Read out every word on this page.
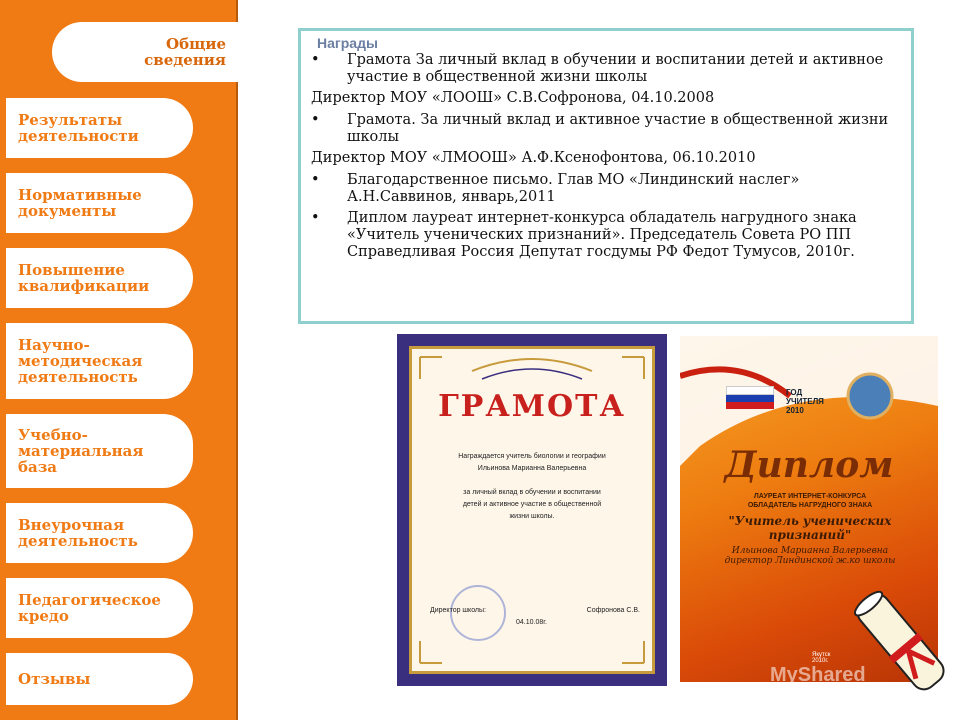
Общие
сведения
Результаты
деятельности
Нормативные
документы
Повышение
квалификации
Научно-
методическая
деятельность
Учебно-
материальная
база
Внеурочная
деятельность
Педагогическое
кредо
Отзывы
Награды
• Грамота За личный вклад в обучении и воспитании детей и активное участие в общественной жизни школы
Директор МОУ «ЛООШ» С.В.Софронова, 04.10.2008
• Грамота. За личный вклад и активное участие в общественной жизни школы
Директор МОУ «ЛМООШ» А.Ф.Ксенофонтова, 06.10.2010
• Благодарственное письмо. Глав МО «Линдинский наслег» А.Н.Саввинов, январь,2011
• Диплом лауреат интернет-конкурса обладатель нагрудного знака «Учитель ученических признаний». Председатель Совета РО ПП Справедливая Россия Депутат госдумы РФ Федот Тумусов, 2010г.
ГРАМОТА
Награждается учитель биологии и географии
Ильинова Марианна Валерьевна

за личный вклад в обучении и воспитании
детей и активное участие в общественной
жизни школы.
Директор школы:	Софронова С.В.
04.10.08г.
ГОД
УЧИТЕЛЯ
2010
Диплом
ЛАУРЕАТ ИНТЕРНЕТ-КОНКУРСА
ОБЛАДАТЕЛЬ НАГРУДНОГО ЗНАКА
"Учитель ученических
признаний"
Ильинова Марианна Валерьевна
директор Линдинской ж.ко школы
Якутск
2010г.
MyShared
